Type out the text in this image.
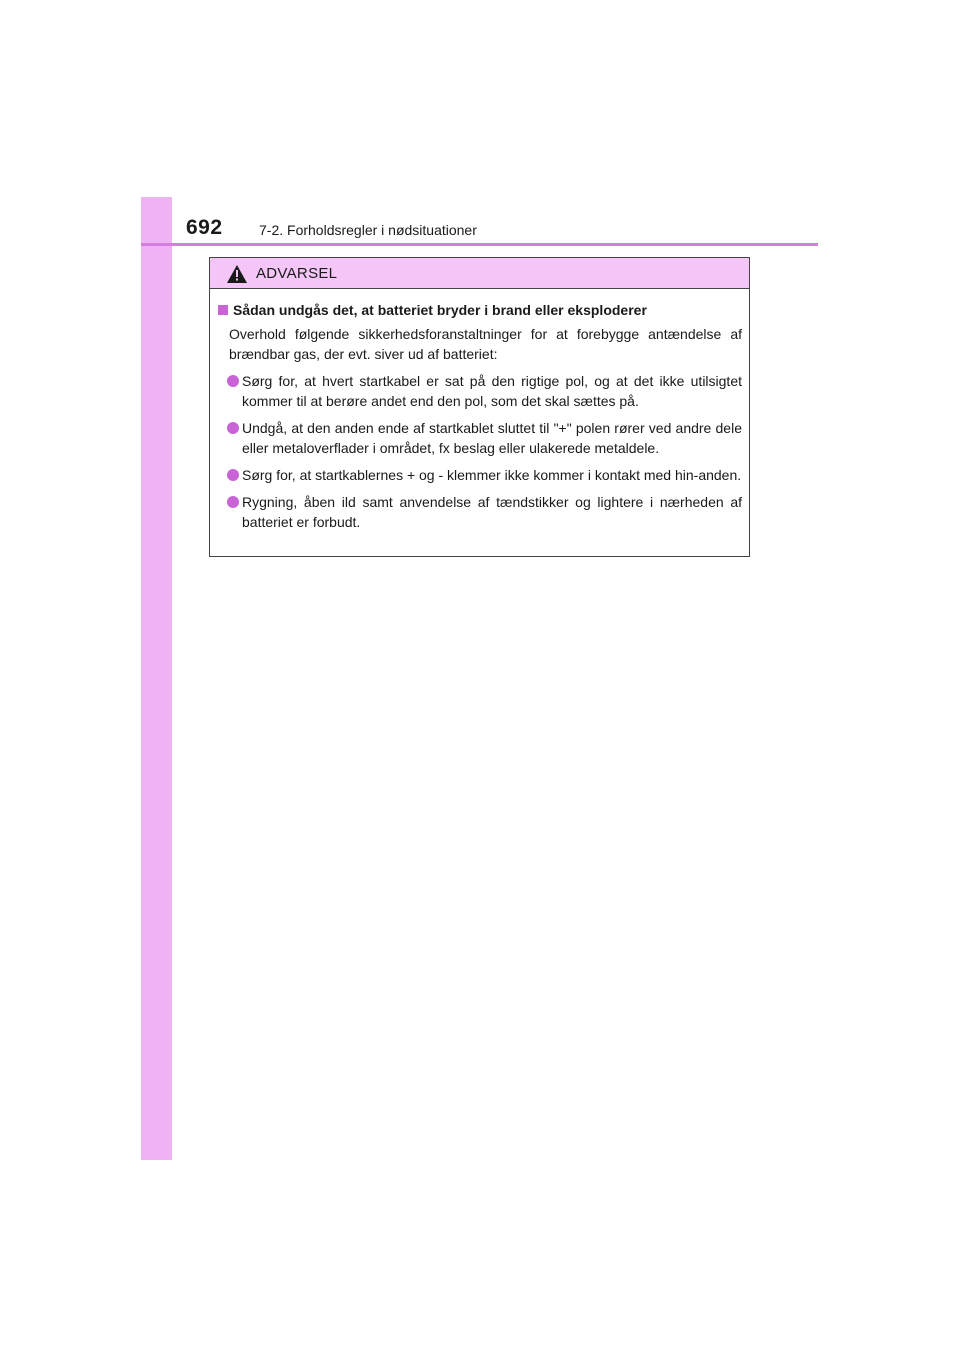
692	7-2. Forholdsregler i nødsituationer
ADVARSEL
Sådan undgås det, at batteriet bryder i brand eller eksploderer
Overhold følgende sikkerhedsforanstaltninger for at forebygge antændelse af brændbar gas, der evt. siver ud af batteriet:
Sørg for, at hvert startkabel er sat på den rigtige pol, og at det ikke utilsigtet kommer til at berøre andet end den pol, som det skal sættes på.
Undgå, at den anden ende af startkablet sluttet til "+" polen rører ved andre dele eller metaloverflader i området, fx beslag eller ulakerede metaldele.
Sørg for, at startkablernes + og - klemmer ikke kommer i kontakt med hin-anden.
Rygning, åben ild samt anvendelse af tændstikker og lightere i nærheden af batteriet er forbudt.
